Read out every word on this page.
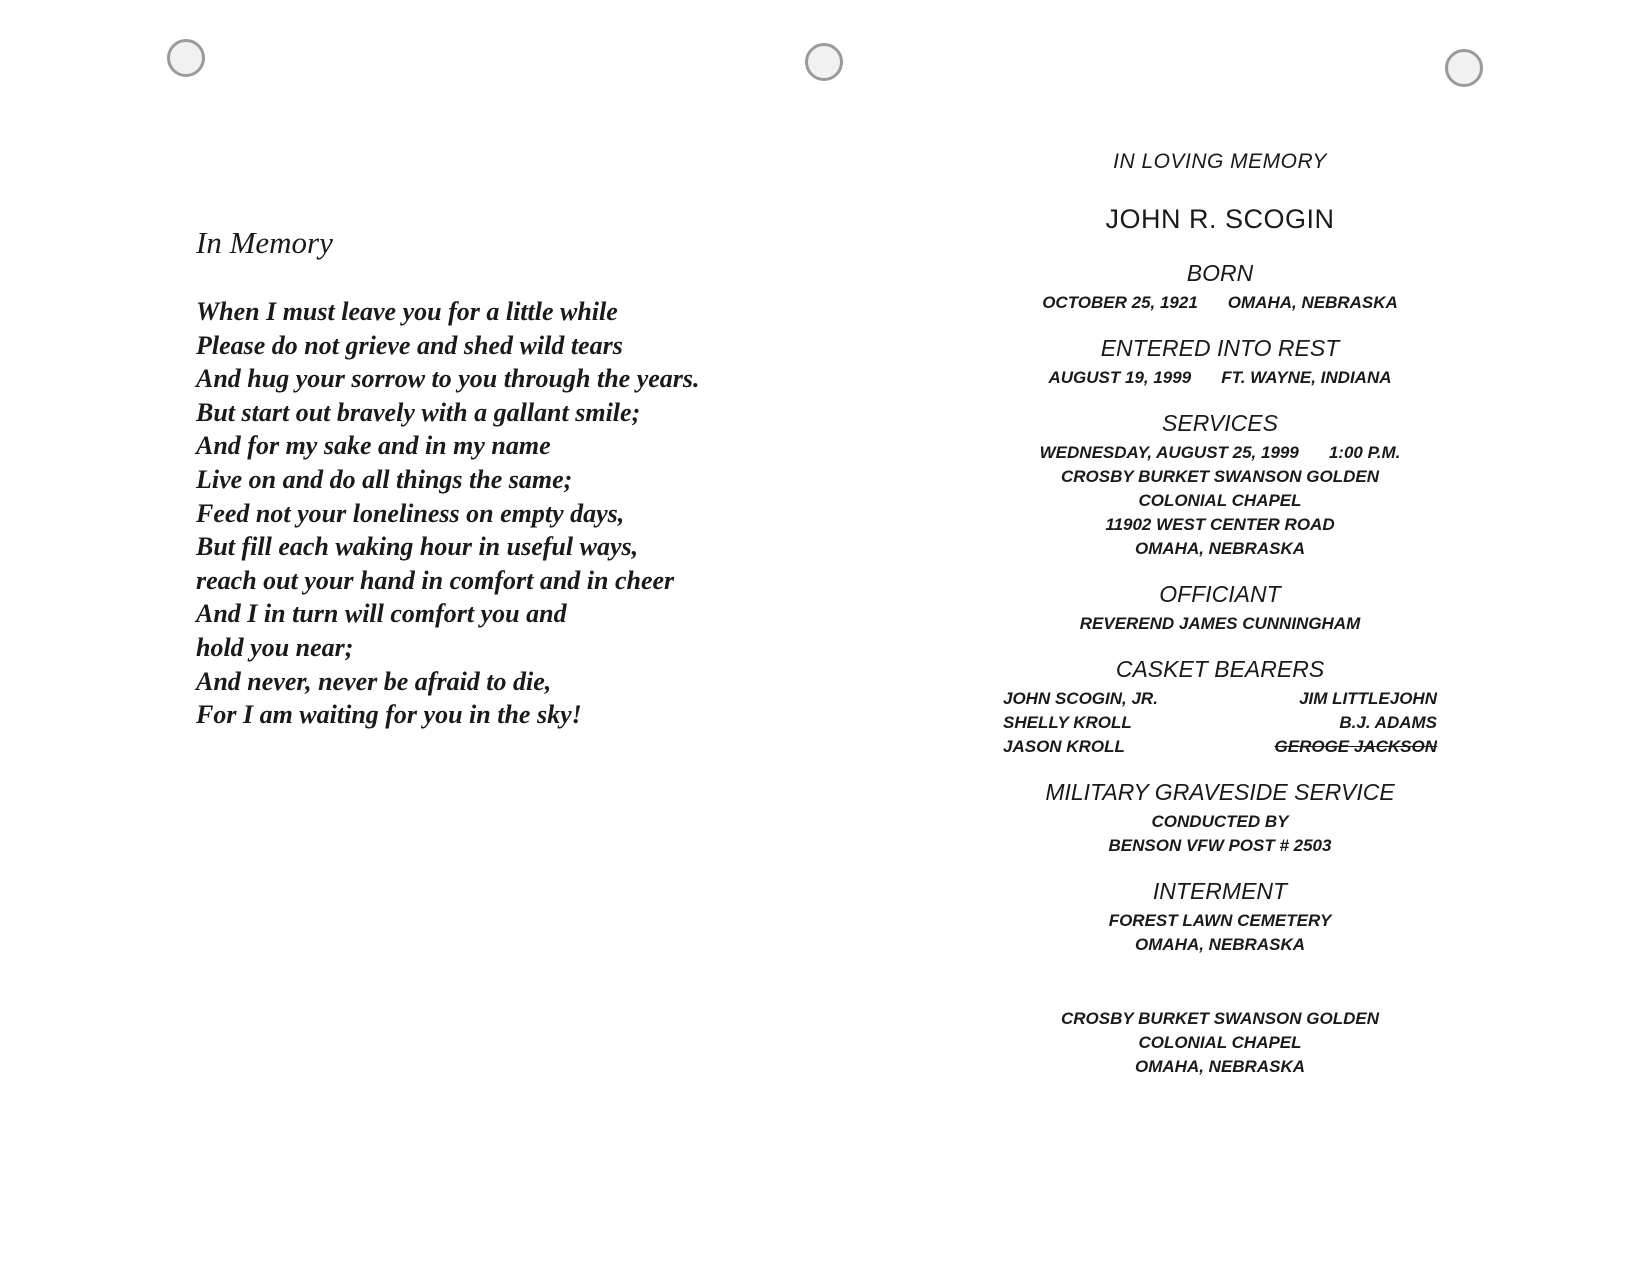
In Memory
When I must leave you for a little while
Please do not grieve and shed wild tears
And hug your sorrow to you through the years.
But start out bravely with a gallant smile;
And for my sake and in my name
Live on and do all things the same;
Feed not your loneliness on empty days,
But fill each waking hour in useful ways,
reach out your hand in comfort and in cheer
And I in turn will comfort you and
hold you near;
And never, never be afraid to die,
For I am waiting for you in the sky!
IN LOVING MEMORY
JOHN R. SCOGIN
BORN
OCTOBER 25, 1921 OMAHA, NEBRASKA
ENTERED INTO REST
AUGUST 19, 1999 FT. WAYNE, INDIANA
SERVICES
WEDNESDAY, AUGUST 25, 1999 1:00 P.M.
CROSBY BURKET SWANSON GOLDEN
COLONIAL CHAPEL
11902 WEST CENTER ROAD
OMAHA, NEBRASKA
OFFICIANT
REVEREND JAMES CUNNINGHAM
CASKET BEARERS
JOHN SCOGIN, JR.
SHELLY KROLL
JASON KROLL
JIM LITTLEJOHN
B.J. ADAMS
GEROGE JACKSON
MILITARY GRAVESIDE SERVICE
CONDUCTED BY
BENSON VFW POST # 2503
INTERMENT
FOREST LAWN CEMETERY
OMAHA, NEBRASKA
CROSBY BURKET SWANSON GOLDEN
COLONIAL CHAPEL
OMAHA, NEBRASKA
